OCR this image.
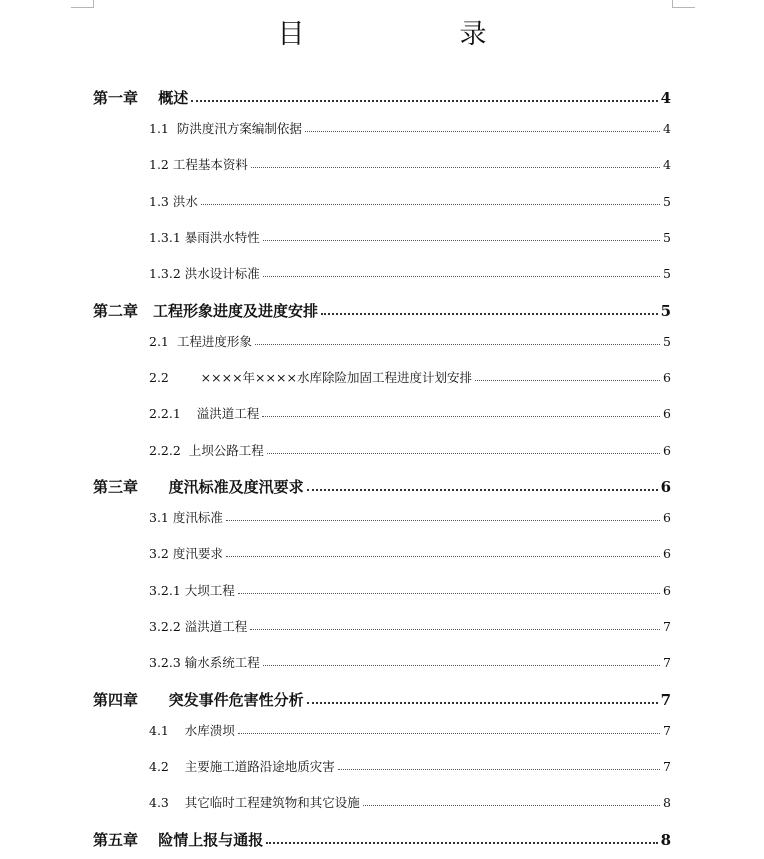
目　录
第一章　 概述	4
1.1  防洪度汛方案编制依据	4
1.2 工程基本资料	4
1.3 洪水	5
1.3.1 暴雨洪水特性	5
1.3.2 洪水设计标准	5
第二章　工程形象进度及进度安排	5
2.1  工程进度形象	5
2.2        ××××年××××水库除险加固工程进度计划安排	6
2.2.1    溢洪道工程	6
2.2.2  上坝公路工程	6
第三章　   度汛标准及度汛要求	6
3.1 度汛标准	6
3.2 度汛要求	6
3.2.1 大坝工程	6
3.2.2 溢洪道工程	7
3.2.3 输水系统工程	7
第四章　   突发事件危害性分析	7
4.1    水库溃坝	7
4.2    主要施工道路沿途地质灾害	7
4.3    其它临时工程建筑物和其它设施	8
第五章　 险情上报与通报	8
